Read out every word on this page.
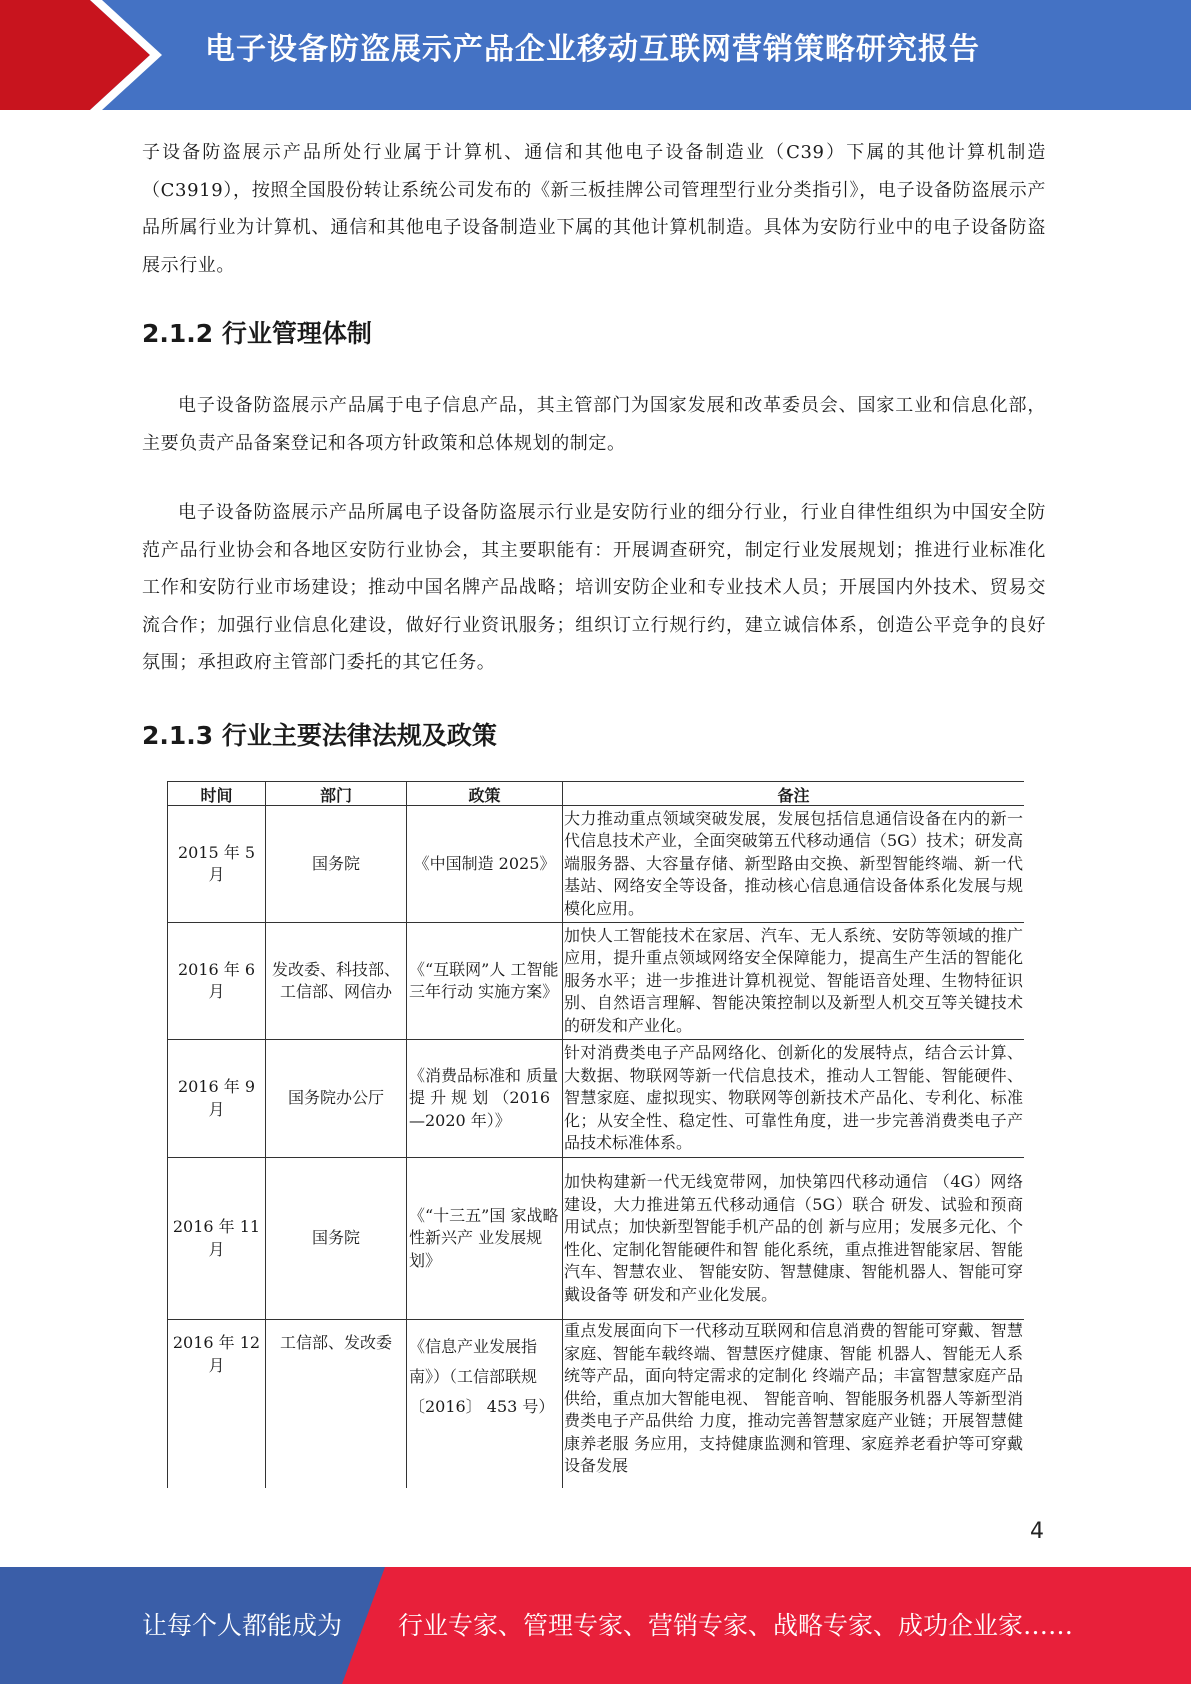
电子设备防盗展示产品企业移动互联网营销策略研究报告

子设备防盗展示产品所处行业属于计算机、通信和其他电子设备制造业（C39）下属的其他计算机制造（C3919），按照全国股份转让系统公司发布的《新三板挂牌公司管理型行业分类指引》，电子设备防盗展示产品所属行业为计算机、通信和其他电子设备制造业下属的其他计算机制造。具体为安防行业中的电子设备防盗展示行业。

2.1.2 行业管理体制

电子设备防盗展示产品属于电子信息产品，其主管部门为国家发展和改革委员会、国家工业和信息化部，主要负责产品备案登记和各项方针政策和总体规划的制定。

电子设备防盗展示产品所属电子设备防盗展示行业是安防行业的细分行业，行业自律性组织为中国安全防范产品行业协会和各地区安防行业协会，其主要职能有：开展调查研究，制定行业发展规划；推进行业标准化工作和安防行业市场建设；推动中国名牌产品战略；培训安防企业和专业技术人员；开展国内外技术、贸易交流合作；加强行业信息化建设，做好行业资讯服务；组织订立行规行约，建立诚信体系，创造公平竞争的良好氛围；承担政府主管部门委托的其它任务。

2.1.3 行业主要法律法规及政策
时间	部门	政策	备注
2015 年 5 月	国务院	《中国制造 2025》	大力推动重点领域突破发展，发展包括信息通信设备在内的新一代信息技术产业，全面突破第五代移动通信（5G）技术；研发高端服务器、大容量存储、新型路由交换、新型智能终端、新一代基站、网络安全等设备，推动核心信息通信设备体系化发展与规模化应用。
2016 年 6 月	发改委、科技部、工信部、网信办	《“互联网”人 工智能三年行动 实施方案》	加快人工智能技术在家居、汽车、无人系统、安防等领域的推广应用，提升重点领域网络安全保障能力，提高生产生活的智能化服务水平；进一步推进计算机视觉、智能语音处理、生物特征识别、自然语言理解、智能决策控制以及新型人机交互等关键技术的研发和产业化。
2016 年 9 月	国务院办公厅	《消费品标准和 质量 提 升 规 划 （2016—2020 年）》	针对消费类电子产品网络化、创新化的发展特点，结合云计算、大数据、物联网等新一代信息技术，推动人工智能、智能硬件、智慧家庭、虚拟现实、物联网等创新技术产品化、专利化、标准化；从安全性、稳定性、可靠性角度，进一步完善消费类电子产品技术标准体系。
2016 年 11 月	国务院	《“十三五”国 家战略性新兴产 业发展规划》	加快构建新一代无线宽带网，加快第四代移动通信 （4G）网络建设，大力推进第五代移动通信（5G）联合 研发、试验和预商用试点；加快新型智能手机产品的创 新与应用；发展多元化、个性化、定制化智能硬件和智 能化系统，重点推进智能家居、智能汽车、智慧农业、 智能安防、智慧健康、智能机器人、智能可穿戴设备等 研发和产业化发展。
2016 年 12 月	工信部、发改委	《信息产业发展指南》）（工信部联规〔2016〕 453 号）	重点发展面向下一代移动互联网和信息消费的智能可穿戴、智慧家庭、智能车载终端、智慧医疗健康、智能 机器人、智能无人系统等产品，面向特定需求的定制化 终端产品；丰富智慧家庭产品供给，重点加大智能电视、 智能音响、智能服务机器人等新型消费类电子产品供给 力度，推动完善智慧家庭产业链；开展智慧健康养老服 务应用，支持健康监测和管理、家庭养老看护等可穿戴 设备发展
4
让每个人都能成为 行业专家、管理专家、营销专家、战略专家、成功企业家……
